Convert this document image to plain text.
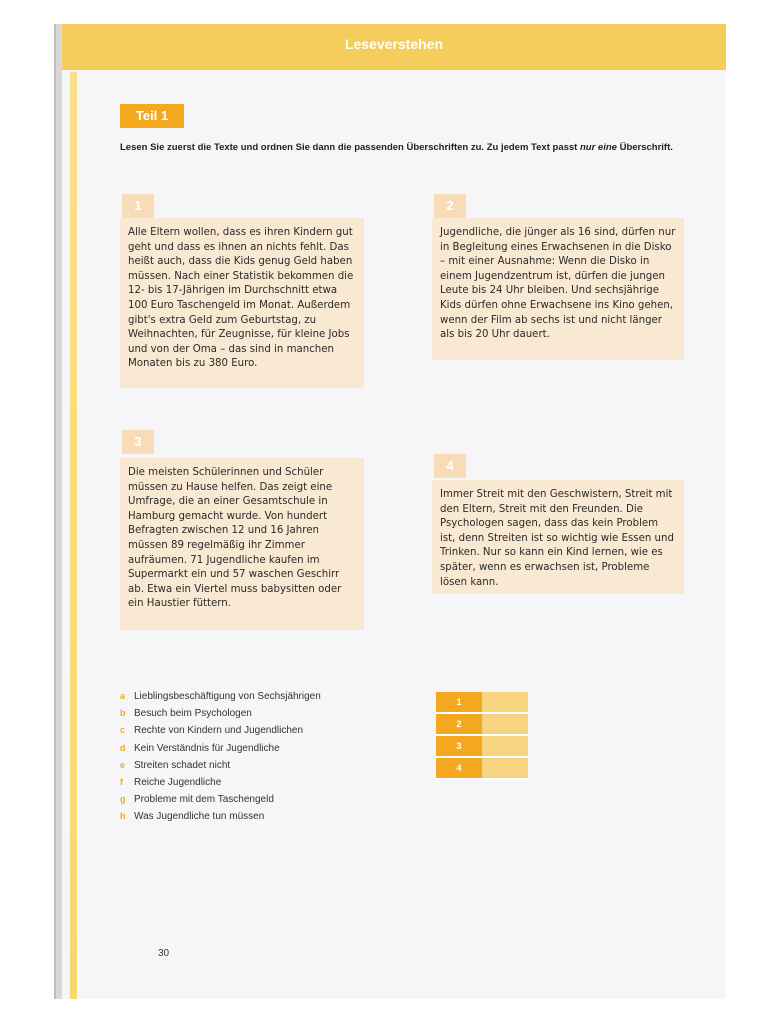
Leseverstehen
Teil 1
Lesen Sie zuerst die Texte und ordnen Sie dann die passenden Überschriften zu. Zu jedem Text passt nur eine Überschrift.
1
Alle Eltern wollen, dass es ihren Kindern gut geht und dass es ihnen an nichts fehlt. Das heißt auch, dass die Kids genug Geld haben müssen. Nach einer Statistik bekommen die 12- bis 17-Jährigen im Durchschnitt etwa 100 Euro Taschengeld im Monat. Außerdem gibt's extra Geld zum Geburtstag, zu Weihnachten, für Zeugnisse, für kleine Jobs und von der Oma – das sind in manchen Monaten bis zu 380 Euro.
2
Jugendliche, die jünger als 16 sind, dürfen nur in Begleitung eines Erwachsenen in die Disko – mit einer Ausnahme: Wenn die Disko in einem Jugendzentrum ist, dürfen die jungen Leute bis 24 Uhr bleiben. Und sechsjährige Kids dürfen ohne Erwachsene ins Kino gehen, wenn der Film ab sechs ist und nicht länger als bis 20 Uhr dauert.
3
Die meisten Schülerinnen und Schüler müssen zu Hause helfen. Das zeigt eine Umfrage, die an einer Gesamtschule in Hamburg gemacht wurde. Von hundert Befragten zwischen 12 und 16 Jahren müssen 89 regelmäßig ihr Zimmer aufräumen. 71 Jugendliche kaufen im Supermarkt ein und 57 waschen Geschirr ab. Etwa ein Viertel muss babysitten oder ein Haustier füttern.
4
Immer Streit mit den Geschwistern, Streit mit den Eltern, Streit mit den Freunden. Die Psychologen sagen, dass das kein Problem ist, denn Streiten ist so wichtig wie Essen und Trinken. Nur so kann ein Kind lernen, wie es später, wenn es erwachsen ist, Probleme lösen kann.
a Lieblingsbeschäftigung von Sechsjährigen
b Besuch beim Psychologen
c Rechte von Kindern und Jugendlichen
d Kein Verständnis für Jugendliche
e Streiten schadet nicht
f Reiche Jugendliche
g Probleme mit dem Taschengeld
h Was Jugendliche tun müssen
1	
2	
3	
4	
30
